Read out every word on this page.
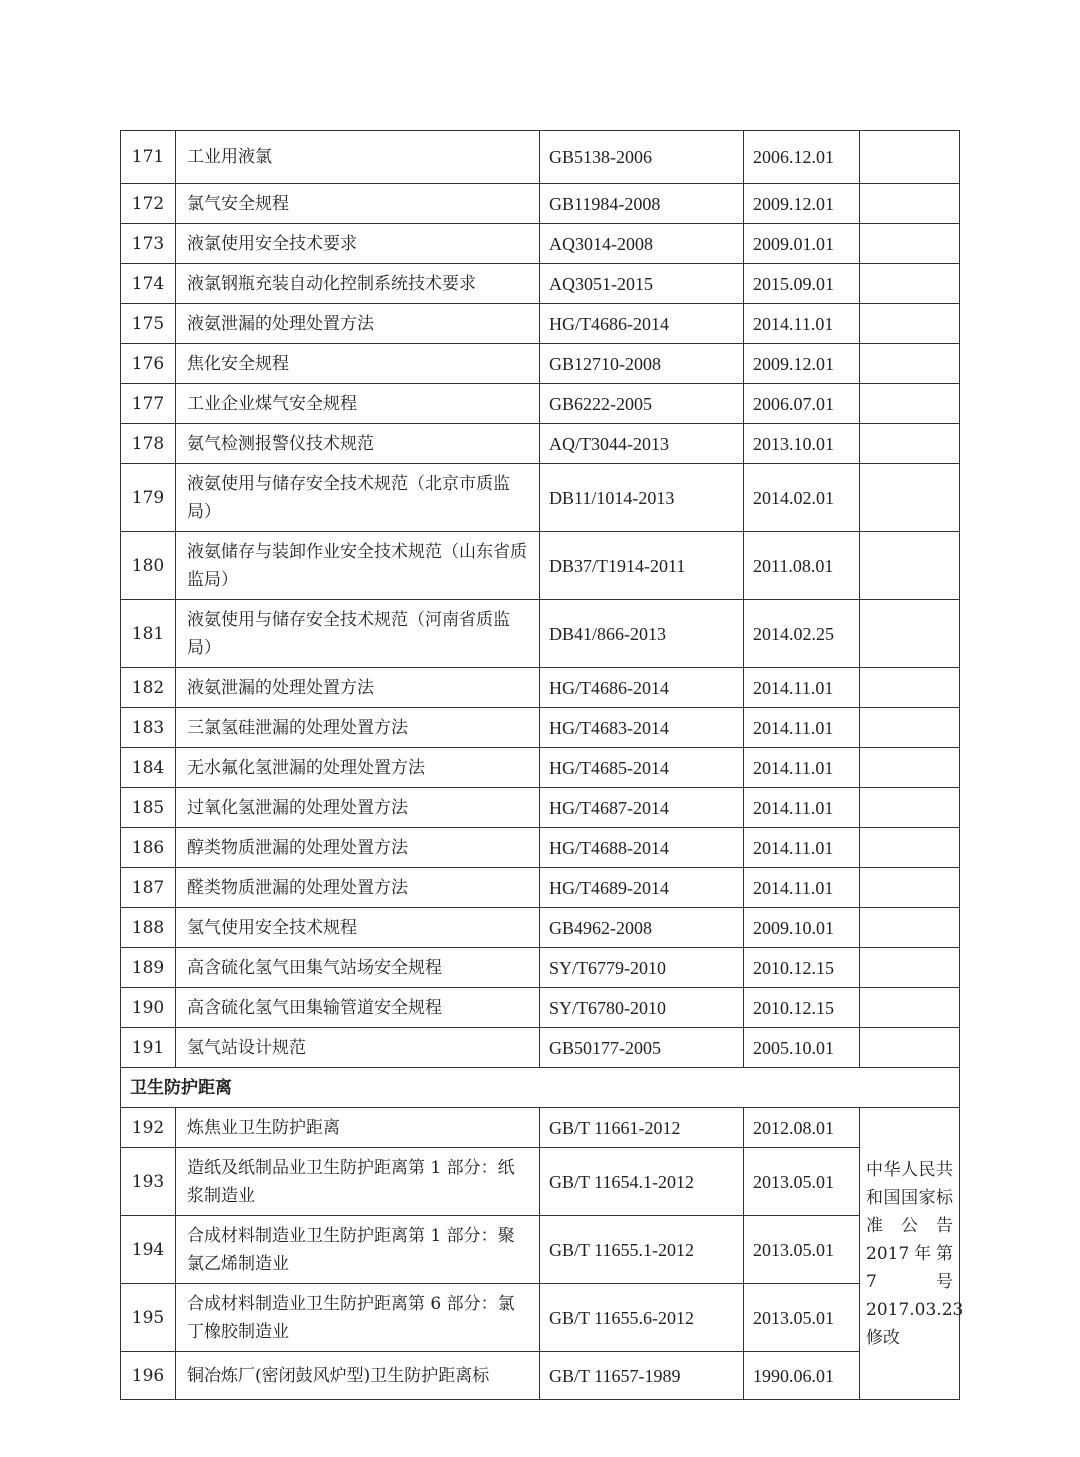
171	工业用液氯	GB5138-2006	2006.12.01	
172	氯气安全规程	GB11984-2008	2009.12.01	
173	液氯使用安全技术要求	AQ3014-2008	2009.01.01	
174	液氯钢瓶充装自动化控制系统技术要求	AQ3051-2015	2015.09.01	
175	液氨泄漏的处理处置方法	HG/T4686-2014	2014.11.01	
176	焦化安全规程	GB12710-2008	2009.12.01	
177	工业企业煤气安全规程	GB6222-2005	2006.07.01	
178	氨气检测报警仪技术规范	AQ/T3044-2013	2013.10.01	
179	液氨使用与储存安全技术规范（北京市质监局）	DB11/1014-2013	2014.02.01	
180	液氨储存与装卸作业安全技术规范（山东省质监局）	DB37/T1914-2011	2011.08.01	
181	液氨使用与储存安全技术规范（河南省质监局）	DB41/866-2013	2014.02.25	
182	液氨泄漏的处理处置方法	HG/T4686-2014	2014.11.01	
183	三氯氢硅泄漏的处理处置方法	HG/T4683-2014	2014.11.01	
184	无水氟化氢泄漏的处理处置方法	HG/T4685-2014	2014.11.01	
185	过氧化氢泄漏的处理处置方法	HG/T4687-2014	2014.11.01	
186	醇类物质泄漏的处理处置方法	HG/T4688-2014	2014.11.01	
187	醛类物质泄漏的处理处置方法	HG/T4689-2014	2014.11.01	
188	氢气使用安全技术规程	GB4962-2008	2009.10.01	
189	高含硫化氢气田集气站场安全规程	SY/T6779-2010	2010.12.15	
190	高含硫化氢气田集输管道安全规程	SY/T6780-2010	2010.12.15	
191	氢气站设计规范	GB50177-2005	2005.10.01	
卫生防护距离				
192	炼焦业卫生防护距离	GB/T 11661-2012	2012.08.01	中华人民共和国国家标准公告 2017年第7号 2017.03.23修改
193	造纸及纸制品业卫生防护距离第 1 部分：纸浆制造业	GB/T 11654.1-2012	2013.05.01	
194	合成材料制造业卫生防护距离第 1 部分：聚氯乙烯制造业	GB/T 11655.1-2012	2013.05.01	
195	合成材料制造业卫生防护距离第 6 部分：氯丁橡胶制造业	GB/T 11655.6-2012	2013.05.01	
196	铜冶炼厂(密闭鼓风炉型)卫生防护距离标	GB/T 11657-1989	1990.06.01	
